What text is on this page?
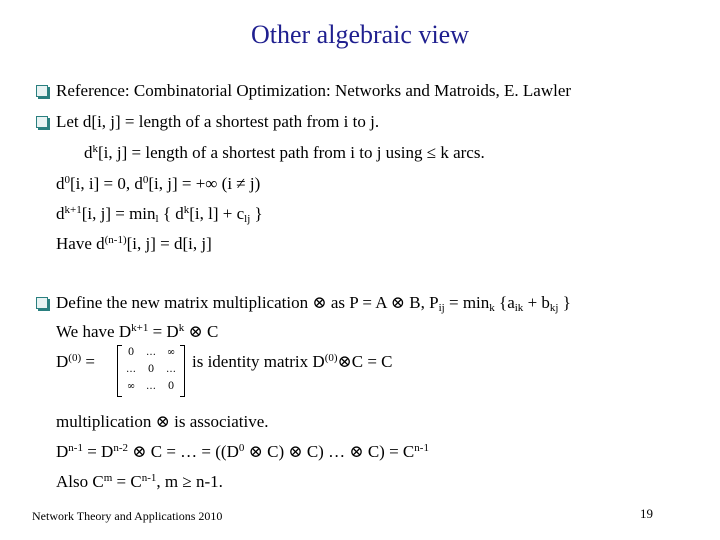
Other algebraic view
Reference: Combinatorial Optimization: Networks and Matroids, E. Lawler
Let d[i, j] = length of a shortest path from i to j.
$d^k[i$, j] = length of a shortest path from i to j using ≤ k arcs.
$d^0[i$, i] = 0, $d^0[i$, j] = +∞ (i ≠ j)
$d^{k+1}[i$, $j] = \min_l$ { $d^k[i$, $l] + c_{lj}$ }
Have $d^{(n-1)}[i$, j] = d[i, j]
Define the new matrix multiplication ⊗ as P = A ⊗ B, $P_{ij} = \min_k \{a_{ik} + b_{kj}$ }
We have $D^{k+1} = D^k$ ⊗ C
$D^{(0)}$ =	0	…	∞
…	0	…
∞	…	0
is identity matrix $D^{(0)}\otimes C = C$
multiplication ⊗ is associative.
$D^{n-1} = D^{n-2}$ ⊗ C = … = (($D^0$ ⊗ C) ⊗ C) … ⊗ $C) = C^{n-1}$
Also $C^m = C^{n-1}$, m ≥ n-1.
Network Theory and Applications 2010	19
